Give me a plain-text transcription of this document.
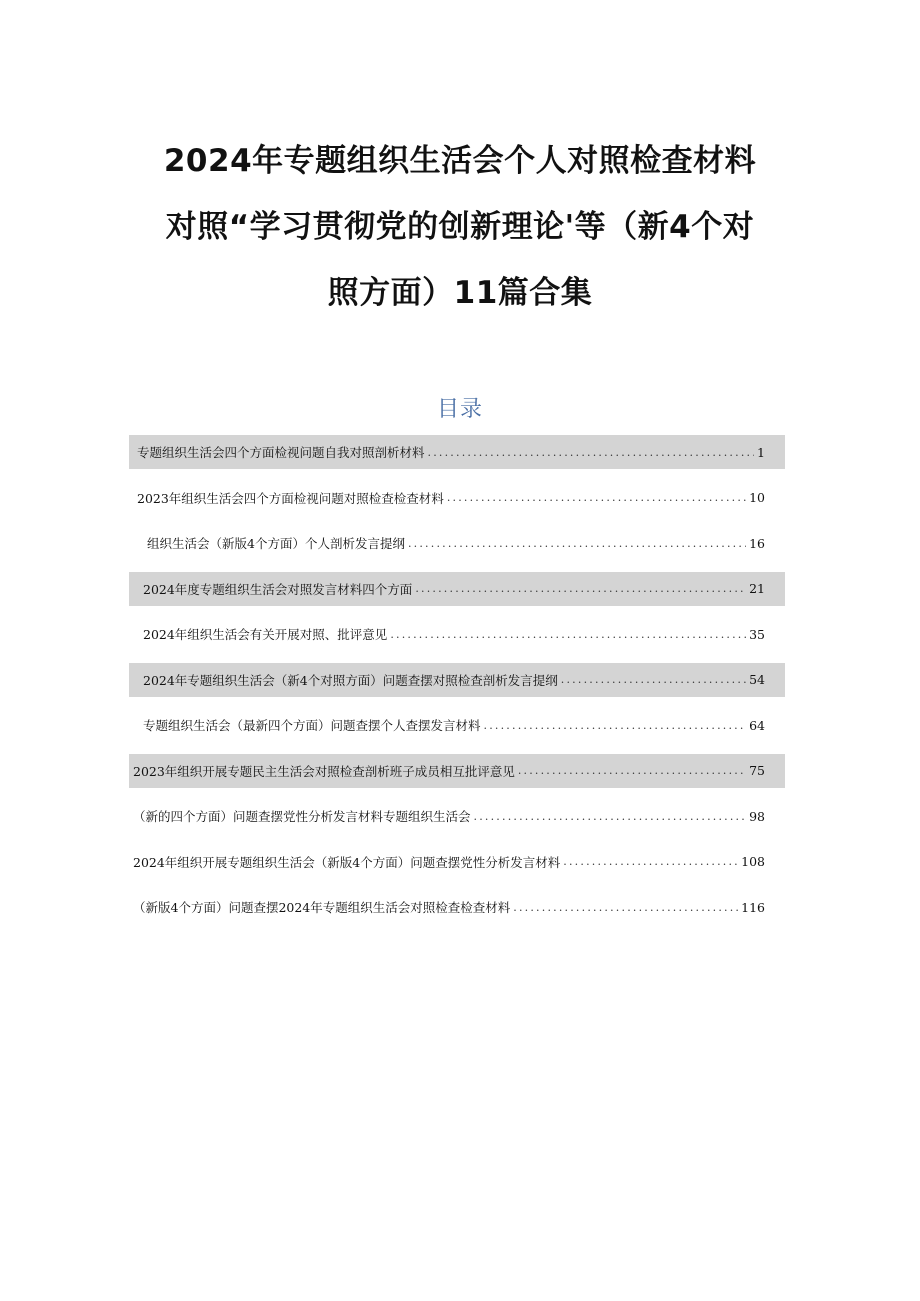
2024年专题组织生活会个人对照检查材料
对照“学习贯彻党的创新理论'等（新4个对
照方面）11篇合集
目录
专题组织生活会四个方面检视问题自我对照剖析材料 .....	1
2023年组织生活会四个方面检视问题对照检查检查材料 .....	10
组织生活会（新版4个方面）个人剖析发言提纲 .....	16
2024年度专题组织生活会对照发言材料四个方面 .....	21
2024年组织生活会有关开展对照、批评意见 .....	35
2024年专题组织生活会（新4个对照方面）问题查摆对照检查剖析发言提纲 .....	54
专题组织生活会（最新四个方面）问题查摆个人查摆发言材料 .....	64
2023年组织开展专题民主生活会对照检查剖析班子成员相互批评意见 .....	75
（新的四个方面）问题查摆党性分析发言材料专题组织生活会 .....	98
2024年组织开展专题组织生活会（新版4个方面）问题查摆党性分析发言材料 .....	108
（新版4个方面）问题查摆2024年专题组织生活会对照检查检查材料 .....	116
